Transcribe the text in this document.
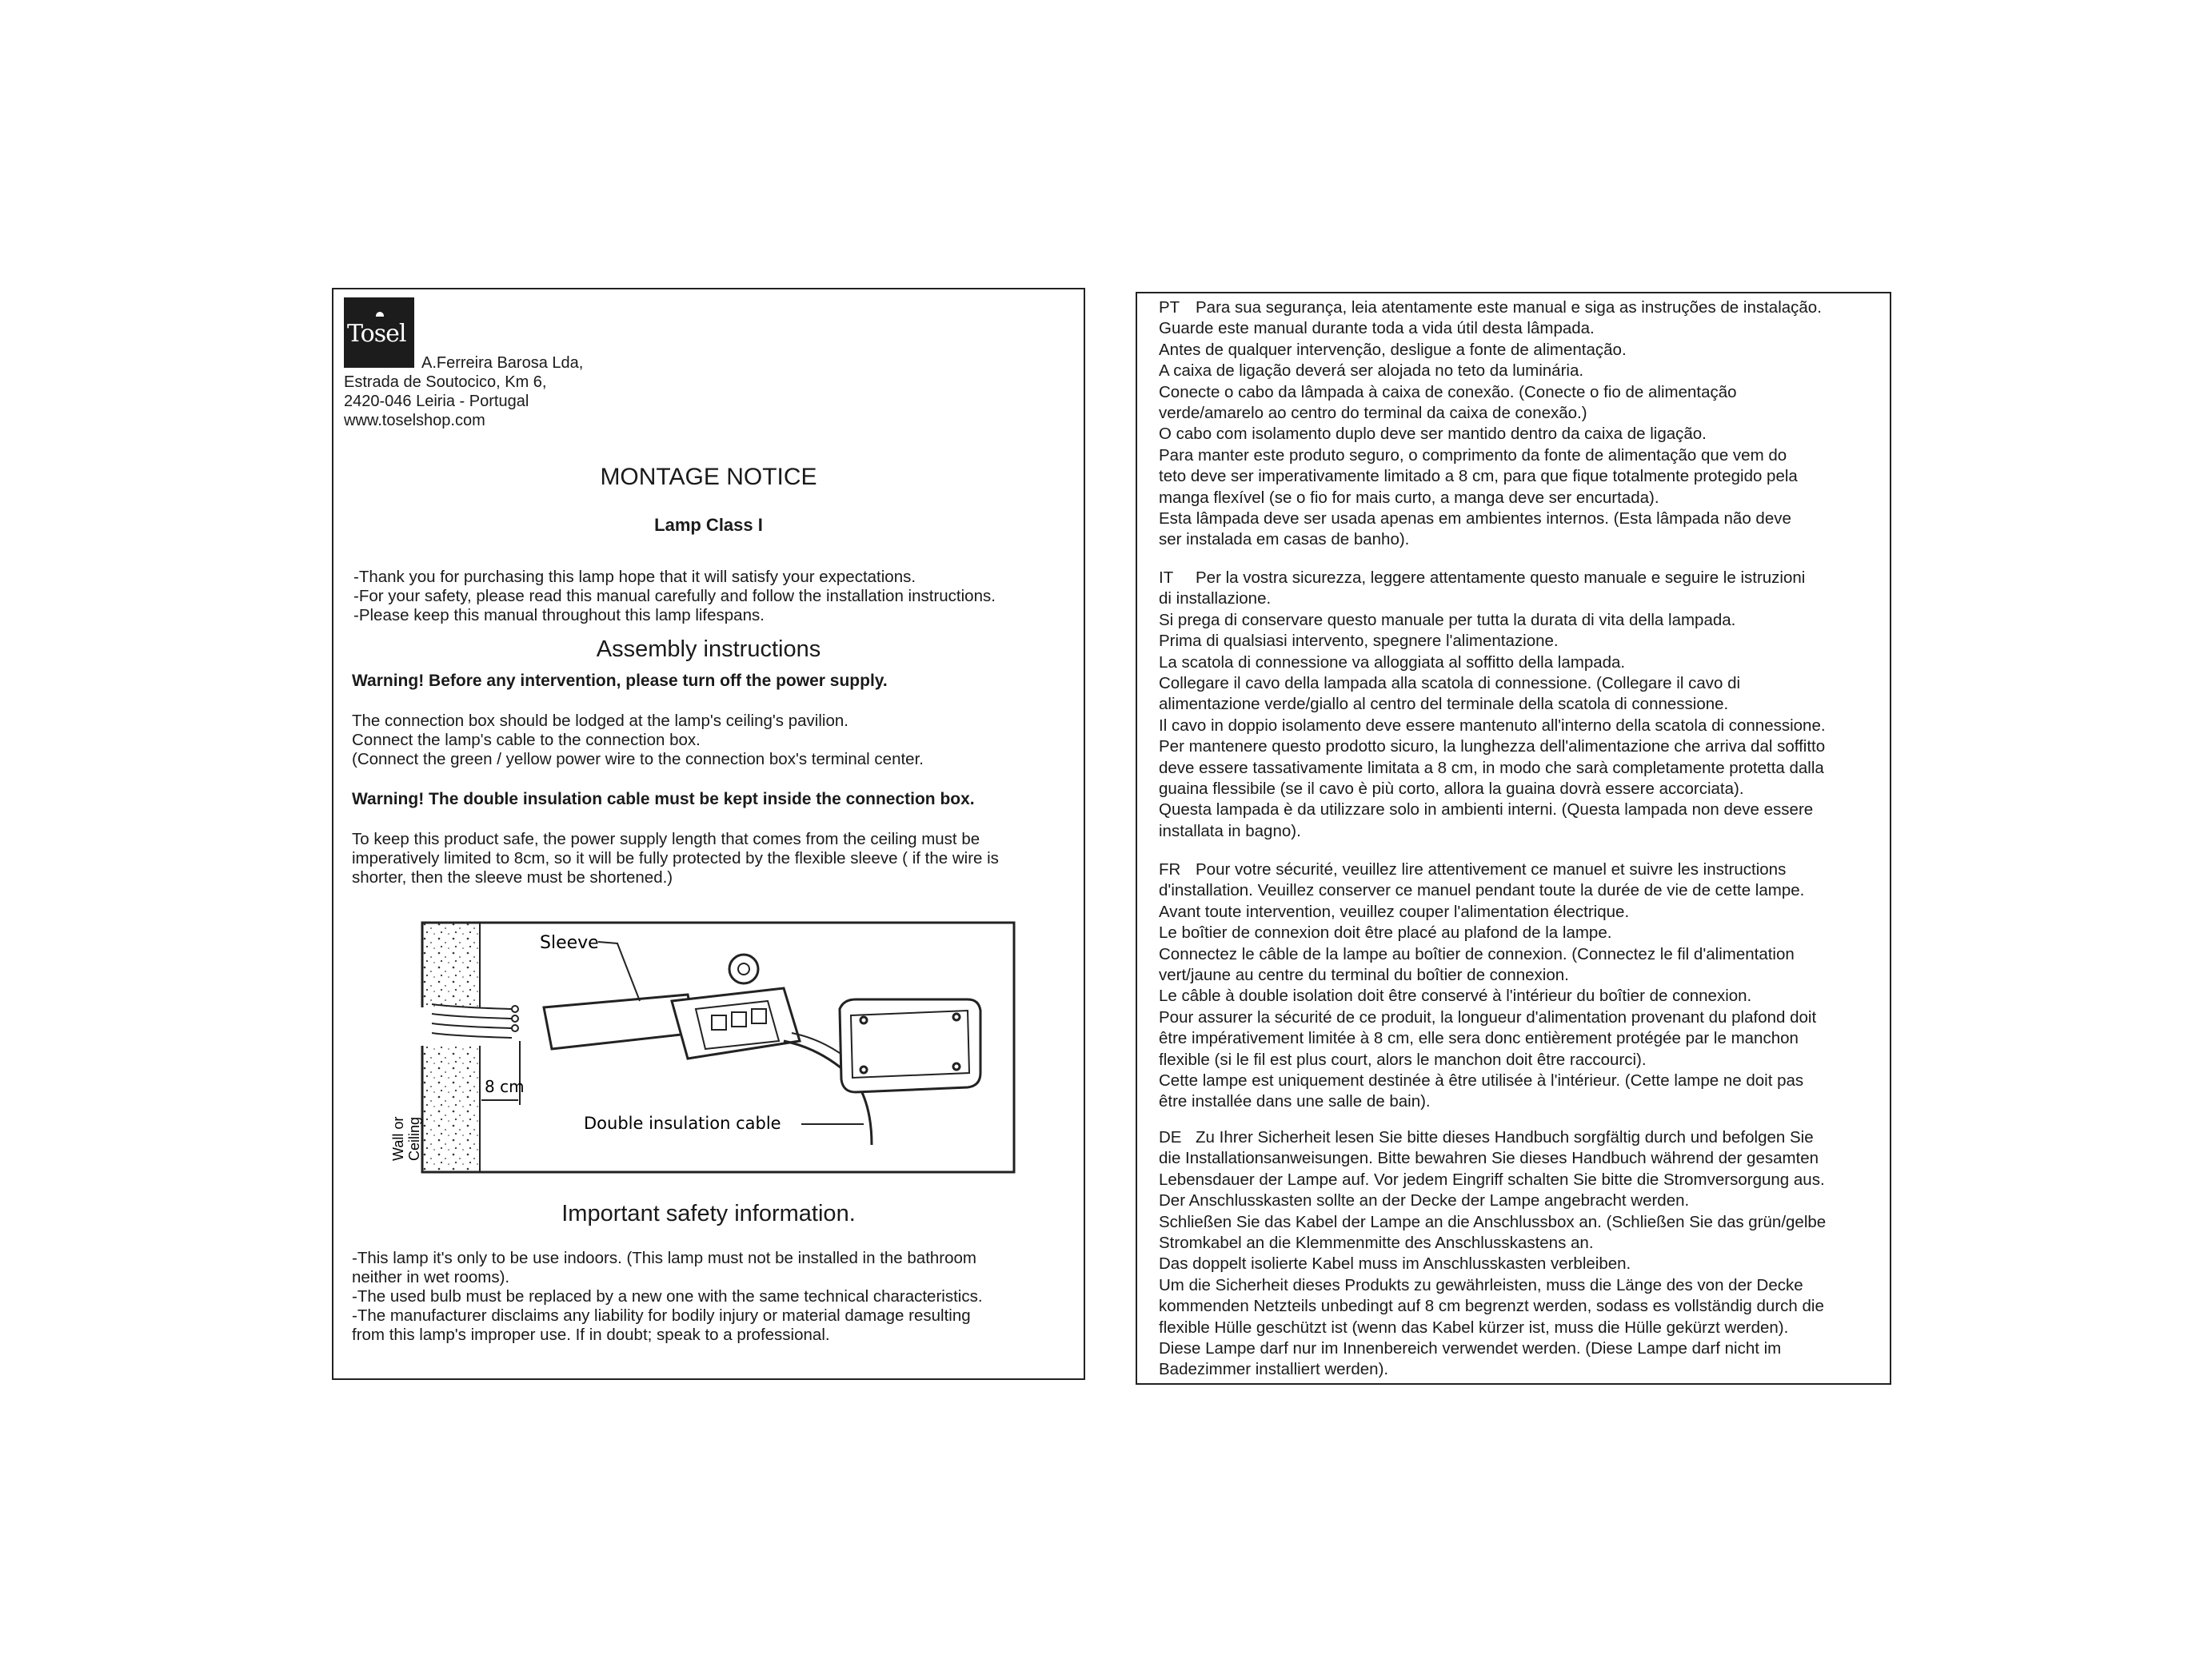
Tosel
A.Ferreira Barosa Lda,
Estrada de Soutocico, Km 6,
2420-046 Leiria - Portugal
www.toselshop.com
MONTAGE NOTICE
Lamp Class I
-Thank you for purchasing this lamp hope that it will satisfy your expectations.
-For your safety, please read this manual carefully and follow the installation instructions.
-Please keep this manual throughout this lamp lifespans.
Assembly instructions
Warning! Before any intervention, please turn off the power supply.
The connection box should be lodged at the lamp's ceiling's pavilion.
Connect the lamp's cable to the connection box.
(Connect the green / yellow power wire to the connection box's terminal center.
Warning! The double insulation cable must be kept inside the connection box.
To keep this product safe, the power supply length that comes from the ceiling must be
imperatively limited to 8cm, so it will be fully protected by the flexible sleeve ( if the wire is
shorter, then the sleeve must be shortened.)
8 cm
Sleeve
Double insulation cable
Wall or Ceiling
Important safety information.
-This lamp it's only to be use indoors. (This lamp must not be installed in the bathroom
neither in wet rooms).
-The used bulb must be replaced by a new one with the same technical characteristics.
-The manufacturer disclaims any liability for bodily injury or material damage resulting
from this lamp's improper use. If in doubt; speak to a professional.
PT Para sua segurança, leia atentamente este manual e siga as instruções de instalação.
Guarde este manual durante toda a vida útil desta lâmpada.
Antes de qualquer intervenção, desligue a fonte de alimentação.
A caixa de ligação deverá ser alojada no teto da luminária.
Conecte o cabo da lâmpada à caixa de conexão. (Conecte o fio de alimentação
verde/amarelo ao centro do terminal da caixa de conexão.)
O cabo com isolamento duplo deve ser mantido dentro da caixa de ligação.
Para manter este produto seguro, o comprimento da fonte de alimentação que vem do
teto deve ser imperativamente limitado a 8 cm, para que fique totalmente protegido pela
manga flexível (se o fio for mais curto, a manga deve ser encurtada).
Esta lâmpada deve ser usada apenas em ambientes internos. (Esta lâmpada não deve
ser instalada em casas de banho).
IT Per la vostra sicurezza, leggere attentamente questo manuale e seguire le istruzioni
di installazione.
Si prega di conservare questo manuale per tutta la durata di vita della lampada.
Prima di qualsiasi intervento, spegnere l'alimentazione.
La scatola di connessione va alloggiata al soffitto della lampada.
Collegare il cavo della lampada alla scatola di connessione. (Collegare il cavo di
alimentazione verde/giallo al centro del terminale della scatola di connessione.
Il cavo in doppio isolamento deve essere mantenuto all'interno della scatola di connessione.
Per mantenere questo prodotto sicuro, la lunghezza dell'alimentazione che arriva dal soffitto
deve essere tassativamente limitata a 8 cm, in modo che sarà completamente protetta dalla
guaina flessibile (se il cavo è più corto, allora la guaina dovrà essere accorciata).
Questa lampada è da utilizzare solo in ambienti interni. (Questa lampada non deve essere
installata in bagno).
FR Pour votre sécurité, veuillez lire attentivement ce manuel et suivre les instructions
d'installation. Veuillez conserver ce manuel pendant toute la durée de vie de cette lampe.
Avant toute intervention, veuillez couper l'alimentation électrique.
Le boîtier de connexion doit être placé au plafond de la lampe.
Connectez le câble de la lampe au boîtier de connexion. (Connectez le fil d'alimentation
vert/jaune au centre du terminal du boîtier de connexion.
Le câble à double isolation doit être conservé à l'intérieur du boîtier de connexion.
Pour assurer la sécurité de ce produit, la longueur d'alimentation provenant du plafond doit
être impérativement limitée à 8 cm, elle sera donc entièrement protégée par le manchon
flexible (si le fil est plus court, alors le manchon doit être raccourci).
Cette lampe est uniquement destinée à être utilisée à l'intérieur. (Cette lampe ne doit pas
être installée dans une salle de bain).
DE Zu Ihrer Sicherheit lesen Sie bitte dieses Handbuch sorgfältig durch und befolgen Sie
die Installationsanweisungen. Bitte bewahren Sie dieses Handbuch während der gesamten
Lebensdauer der Lampe auf. Vor jedem Eingriff schalten Sie bitte die Stromversorgung aus.
Der Anschlusskasten sollte an der Decke der Lampe angebracht werden.
Schließen Sie das Kabel der Lampe an die Anschlussbox an. (Schließen Sie das grün/gelbe
Stromkabel an die Klemmenmitte des Anschlusskastens an.
Das doppelt isolierte Kabel muss im Anschlusskasten verbleiben.
Um die Sicherheit dieses Produkts zu gewährleisten, muss die Länge des von der Decke
kommenden Netzteils unbedingt auf 8 cm begrenzt werden, sodass es vollständig durch die
flexible Hülle geschützt ist (wenn das Kabel kürzer ist, muss die Hülle gekürzt werden).
Diese Lampe darf nur im Innenbereich verwendet werden. (Diese Lampe darf nicht im
Badezimmer installiert werden).
